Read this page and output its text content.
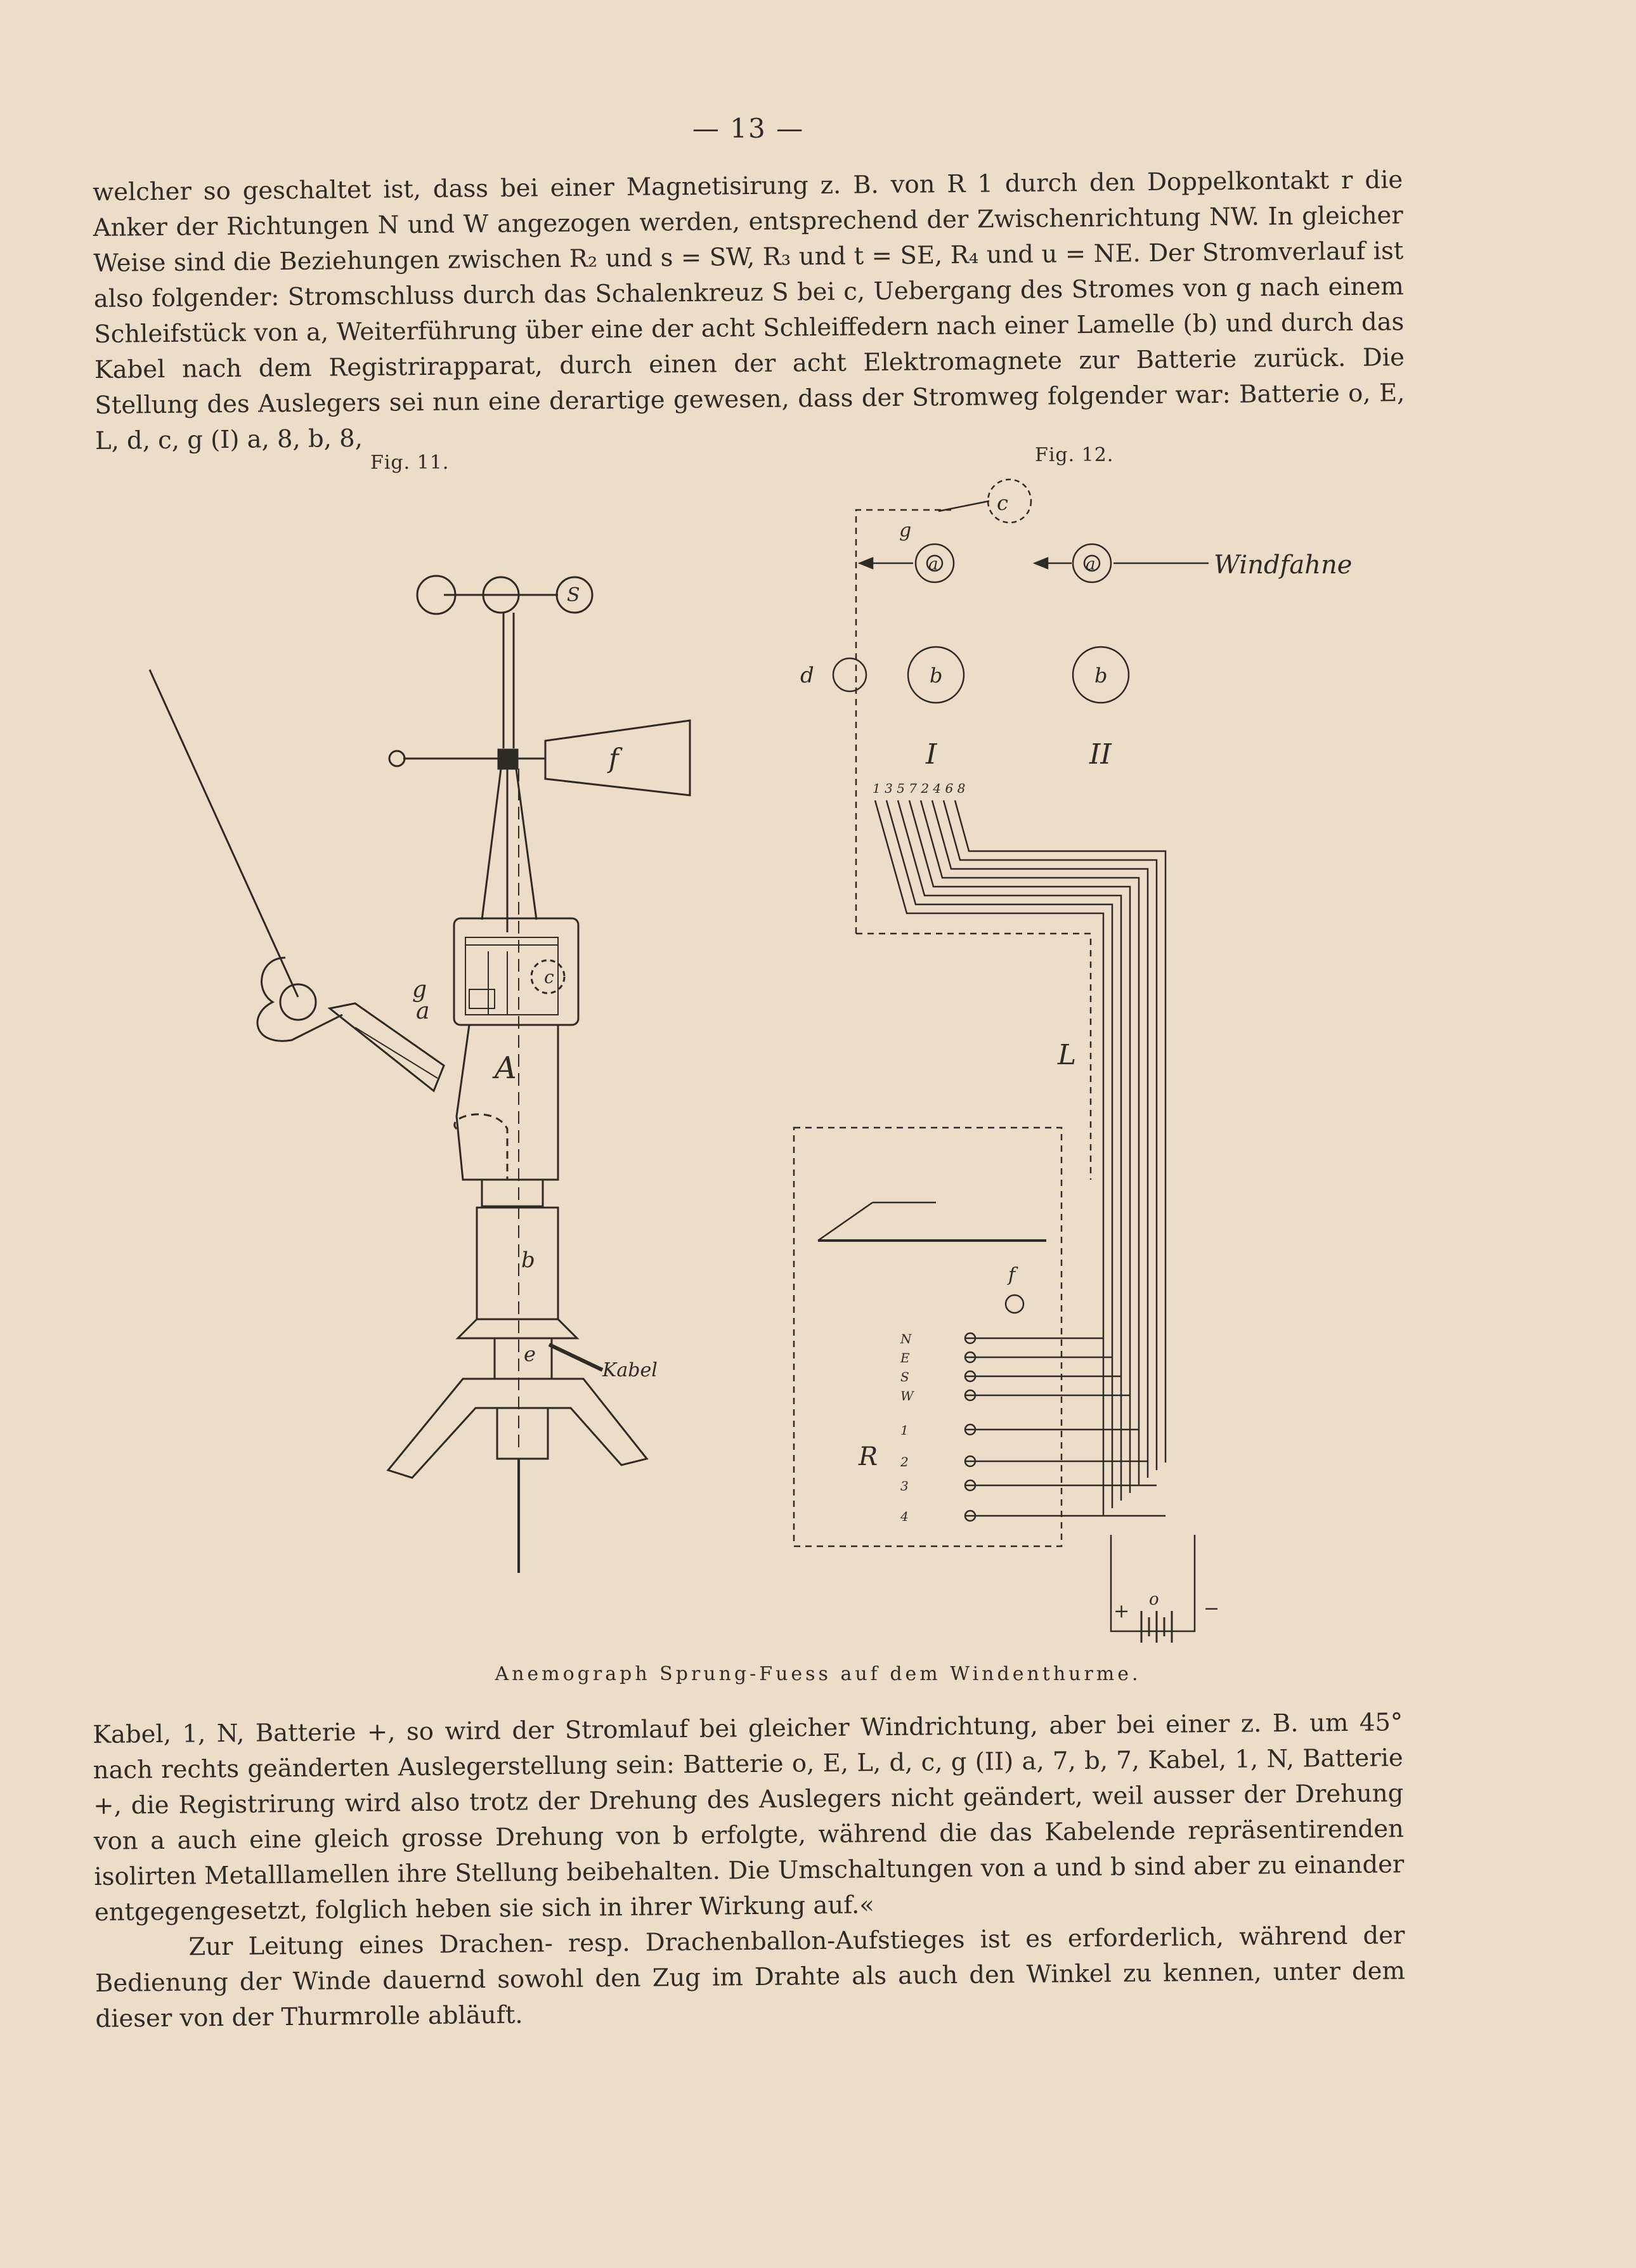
— 13 —

welcher so geschaltet ist, dass bei einer Magnetisirung z. B. von R 1 durch den Doppelkontakt r die Anker der Richtungen N und W angezogen werden, entsprechend der Zwischenrichtung NW. In gleicher Weise sind die Beziehungen zwischen R₂ und s = SW, R₃ und t = SE, R₄ und u = NE. Der Stromverlauf ist also folgender: Stromschluss durch das Schalenkreuz S bei c, Uebergang des Stromes von g nach einem Schleifstück von a, Weiterführung über eine der acht Schleiffedern nach einer Lamelle (b) und durch das Kabel nach dem Registrirapparat, durch einen der acht Elektromagnete zur Batterie zurück. Die Stellung des Auslegers sei nun eine derartige gewesen, dass der Stromweg folgender war: Batterie o, E, L, d, c, g (I) a, 8, b, 8,

Fig. 11.	Fig. 12.
S
f
c
g
a
A
b
e
Kabel
c
g
a	a	Windfahne
d	b	b
I	II
1 3 5 7 2 4 6 8
L
f
N
E
S
W
1
2
3
4
R
o
+	−
Anemograph Sprung-Fuess auf dem Windenthurme.

Kabel, 1, N, Batterie +, so wird der Stromlauf bei gleicher Windrichtung, aber bei einer z. B. um 45° nach rechts geänderten Auslegerstellung sein: Batterie o, E, L, d, c, g (II) a, 7, b, 7, Kabel, 1, N, Batterie +, die Registrirung wird also trotz der Drehung des Auslegers nicht geändert, weil ausser der Drehung von a auch eine gleich grosse Drehung von b erfolgte, während die das Kabelende repräsentirenden isolirten Metalllamellen ihre Stellung beibehalten. Die Umschaltungen von a und b sind aber zu einander entgegengesetzt, folglich heben sie sich in ihrer Wirkung auf.«

Zur Leitung eines Drachen- resp. Drachenballon-Aufstieges ist es erforderlich, während der Bedienung der Winde dauernd sowohl den Zug im Drahte als auch den Winkel zu kennen, unter dem dieser von der Thurmrolle abläuft.
